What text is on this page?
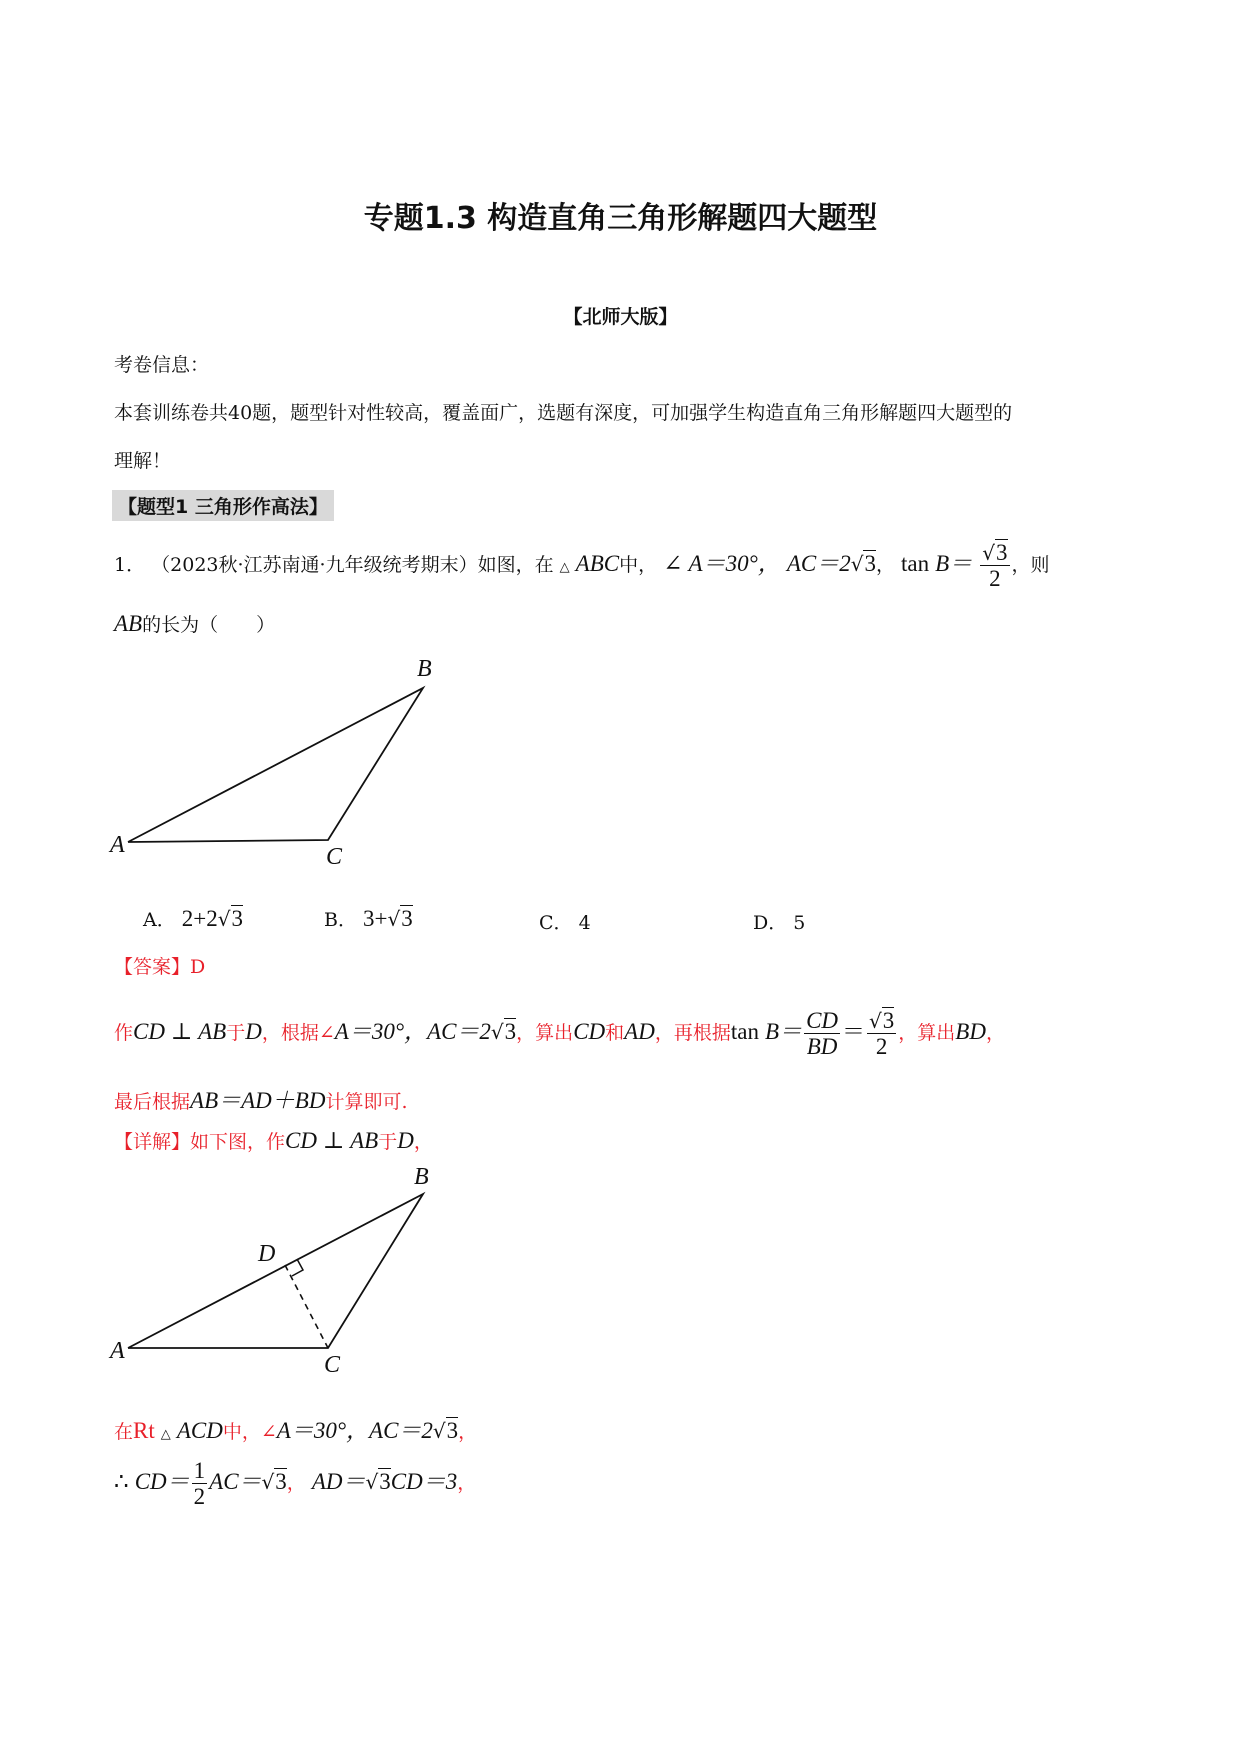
专题1.3 构造直角三角形解题四大题型
【北师大版】
考卷信息：
本套训练卷共40题，题型针对性较高，覆盖面广，选题有深度，可加强学生构造直角三角形解题四大题型的
理解！
【题型1 三角形作高法】
1． （2023秋·江苏南通·九年级统考期末）如图，在 △ ABC中， ∠ A＝30°， AC＝2√3， $\tan B= \frac{√3}{2}$ ，则
AB的长为（　　）
A
B
C
A． 2+2√3	B． 3+√3	C． 4	D． 5
【答案】D
作CD ⊥ AB于D，根据∠A＝30°，AC＝2√3，算出CD和AD，再根据$\tan B= \frac{CD}{BD} = \frac{√3}{2}$ ，算出BD，
最后根据AB＝AD＋BD计算即可.
【详解】如下图，作CD ⊥ AB于D，
A
B
C
D
在Rt △ ACD中，∠A＝30°，AC＝2√3，
∴ $CD= \frac{1}{2} AC=√3$， AD＝√3CD＝3，
